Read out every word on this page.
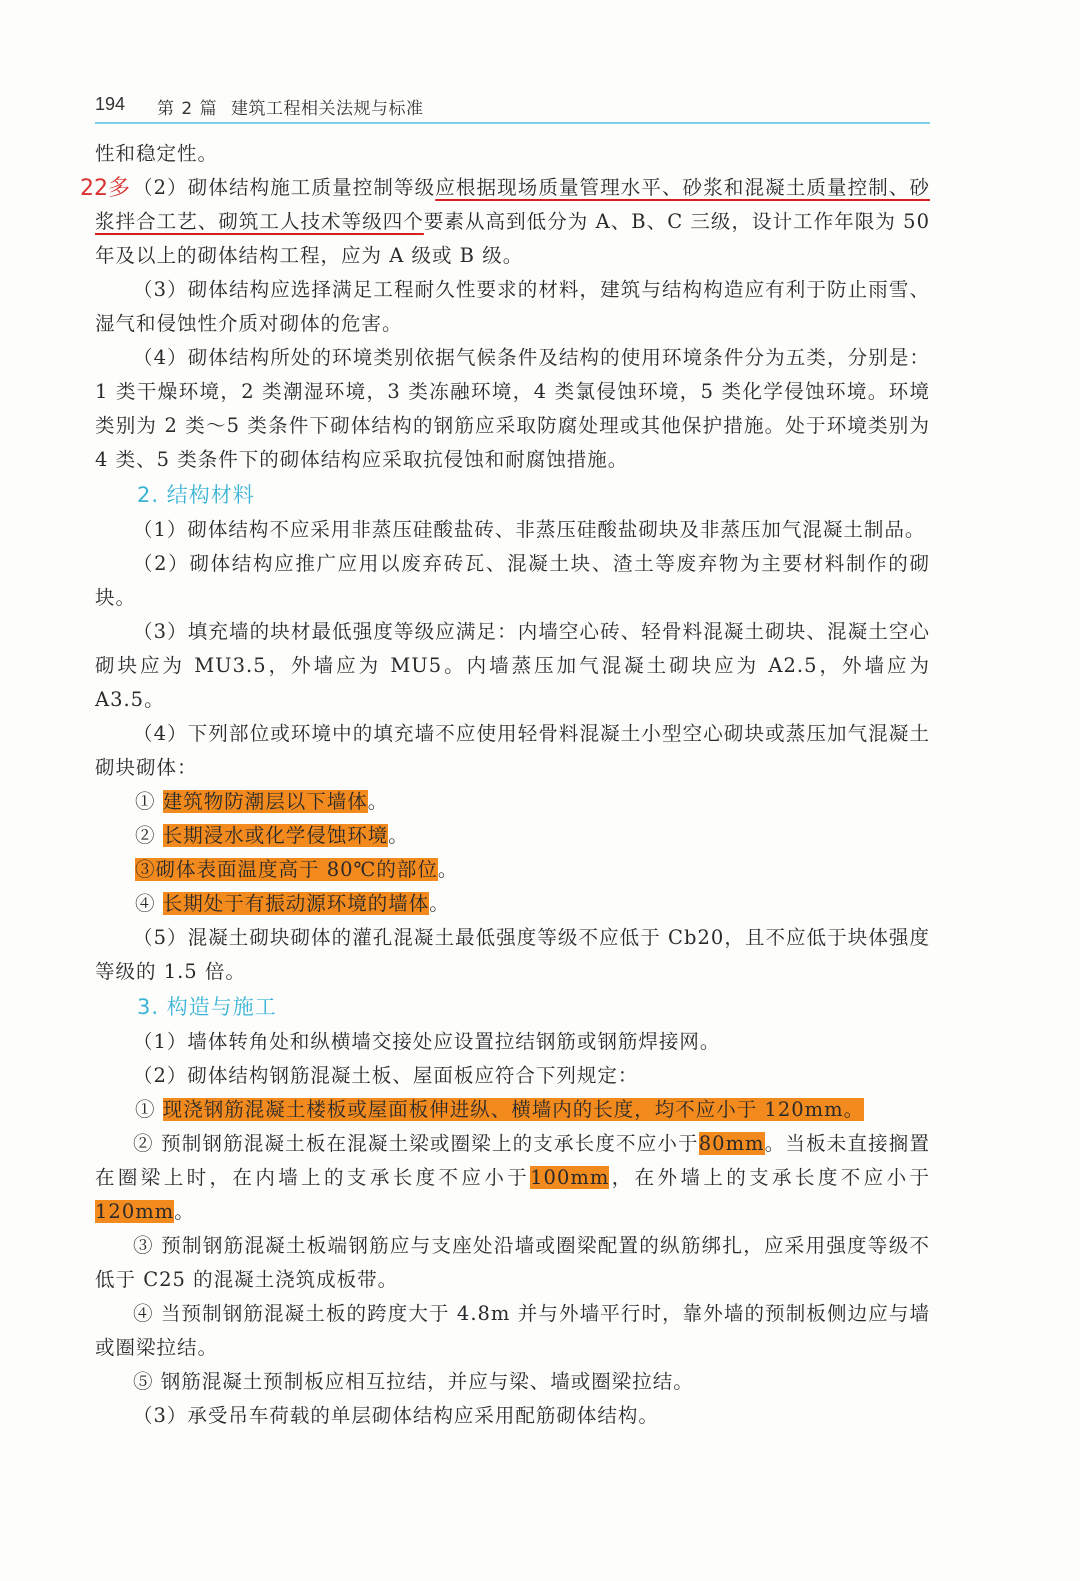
194 第 2 篇 建筑工程相关法规与标准
22多

性和稳定性。

（2）砌体结构施工质量控制等级应根据现场质量管理水平、砂浆和混凝土质量控制、砂浆拌合工艺、砌筑工人技术等级四个要素从高到低分为 A、B、C 三级，设计工作年限为 50 年及以上的砌体结构工程，应为 A 级或 B 级。

（3）砌体结构应选择满足工程耐久性要求的材料，建筑与结构构造应有利于防止雨雪、湿气和侵蚀性介质对砌体的危害。

（4）砌体结构所处的环境类别依据气候条件及结构的使用环境条件分为五类，分别是：1 类干燥环境，2 类潮湿环境，3 类冻融环境，4 类氯侵蚀环境，5 类化学侵蚀环境。环境类别为 2 类～5 类条件下砌体结构的钢筋应采取防腐处理或其他保护措施。处于环境类别为 4 类、5 类条件下的砌体结构应采取抗侵蚀和耐腐蚀措施。

2. 结构材料

（1）砌体结构不应采用非蒸压硅酸盐砖、非蒸压硅酸盐砌块及非蒸压加气混凝土制品。

（2）砌体结构应推广应用以废弃砖瓦、混凝土块、渣土等废弃物为主要材料制作的砌块。

（3）填充墙的块材最低强度等级应满足：内墙空心砖、轻骨料混凝土砌块、混凝土空心砌块应为 MU3.5，外墙应为 MU5。内墙蒸压加气混凝土砌块应为 A2.5，外墙应为 A3.5。

（4）下列部位或环境中的填充墙不应使用轻骨料混凝土小型空心砌块或蒸压加气混凝土砌块砌体：

① 建筑物防潮层以下墙体。

② 长期浸水或化学侵蚀环境。

③砌体表面温度高于 80℃的部位。

④ 长期处于有振动源环境的墙体。

（5）混凝土砌块砌体的灌孔混凝土最低强度等级不应低于 Cb20，且不应低于块体强度等级的 1.5 倍。

3. 构造与施工

（1）墙体转角处和纵横墙交接处应设置拉结钢筋或钢筋焊接网。

（2）砌体结构钢筋混凝土板、屋面板应符合下列规定：

① 现浇钢筋混凝土楼板或屋面板伸进纵、横墙内的长度，均不应小于 120mm。

② 预制钢筋混凝土板在混凝土梁或圈梁上的支承长度不应小于80mm。当板未直接搁置在圈梁上时，在内墙上的支承长度不应小于100mm，在外墙上的支承长度不应小于120mm。

③ 预制钢筋混凝土板端钢筋应与支座处沿墙或圈梁配置的纵筋绑扎，应采用强度等级不低于 C25 的混凝土浇筑成板带。

④ 当预制钢筋混凝土板的跨度大于 4.8m 并与外墙平行时，靠外墙的预制板侧边应与墙或圈梁拉结。

⑤ 钢筋混凝土预制板应相互拉结，并应与梁、墙或圈梁拉结。

（3）承受吊车荷载的单层砌体结构应采用配筋砌体结构。
